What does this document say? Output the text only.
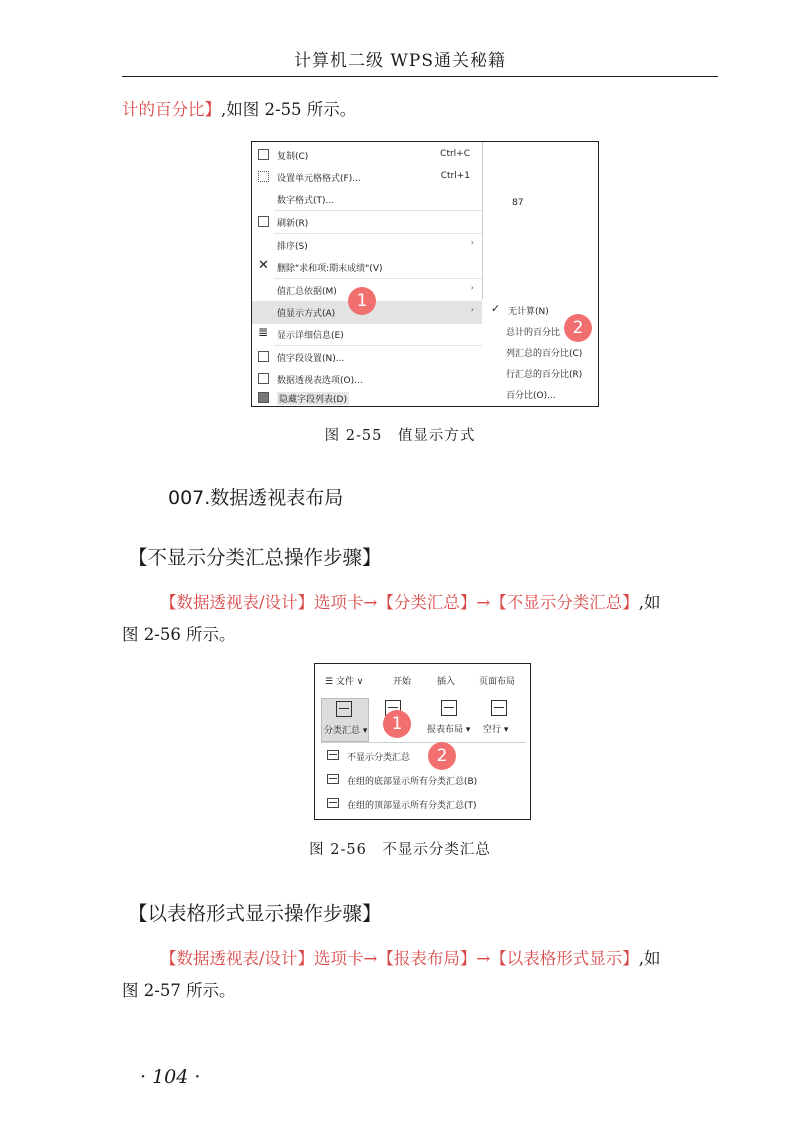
计算机二级 WPS通关秘籍
计的百分比】,如图 2-55 所示。
复制(C)	Ctrl+C
设置单元格格式(F)...	Ctrl+1
数字格式(T)...
刷新(R)
排序(S)	›
✕ 删除"求和项:期末成绩"(V)
值汇总依据(M)	›
值显示方式(A)	›
≣ 显示详细信息(E)
值字段设置(N)...
数据透视表选项(O)...
隐藏字段列表(D)
87
✓ 无计算(N)
总计的百分比
列汇总的百分比(C)
行汇总的百分比(R)
百分比(O)...
1
2
图 2-55　值显示方式
007.数据透视表布局
【不显示分类汇总操作步骤】
【数据透视表/设计】选项卡→【分类汇总】→【不显示分类汇总】,如
图 2-56 所示。
☰ 文件 ∨	开始	插入	页面布局
分类汇总 ▾	报表布局 ▾	空行 ▾
不显示分类汇总
在组的底部显示所有分类汇总(B)
在组的顶部显示所有分类汇总(T)
1
2
图 2-56　不显示分类汇总
【以表格形式显示操作步骤】
【数据透视表/设计】选项卡→【报表布局】→【以表格形式显示】,如
图 2-57 所示。
· 104 ·
